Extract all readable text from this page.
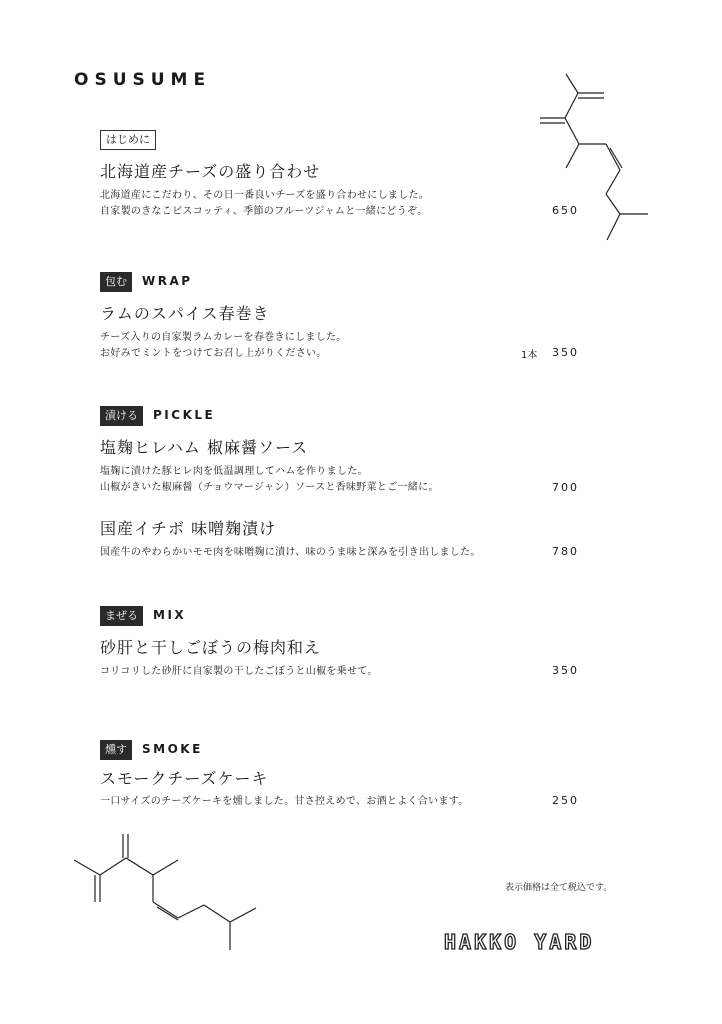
OSUSUME
はじめに
北海道産チーズの盛り合わせ
北海道産にこだわり、その日一番良いチーズを盛り合わせにしました。
自家製のきなこビスコッティ、季節のフルーツジャムと一緒にどうぞ。	650
包む WRAP
ラムのスパイス春巻き
チーズ入りの自家製ラムカレーを春巻きにしました。
お好みでミントをつけてお召し上がりください。	1本 350
漬ける PICKLE
塩麹ヒレハム 椒麻醤ソース
塩麹に漬けた豚ヒレ肉を低温調理してハムを作りました。
山椒がきいた椒麻醤（チョウマージャン）ソースと香味野菜とご一緒に。	700
国産イチボ 味噌麹漬け
国産牛のやわらかいモモ肉を味噌麹に漬け、味のうま味と深みを引き出しました。	780
まぜる MIX
砂肝と干しごぼうの梅肉和え
コリコリした砂肝に自家製の干したごぼうと山椒を乗せて。	350
燻す SMOKE
スモークチーズケーキ
一口サイズのチーズケーキを燻しました。甘さ控えめで、お酒とよく合います。	250
表示価格は全て税込です。
HAKKO YARD
